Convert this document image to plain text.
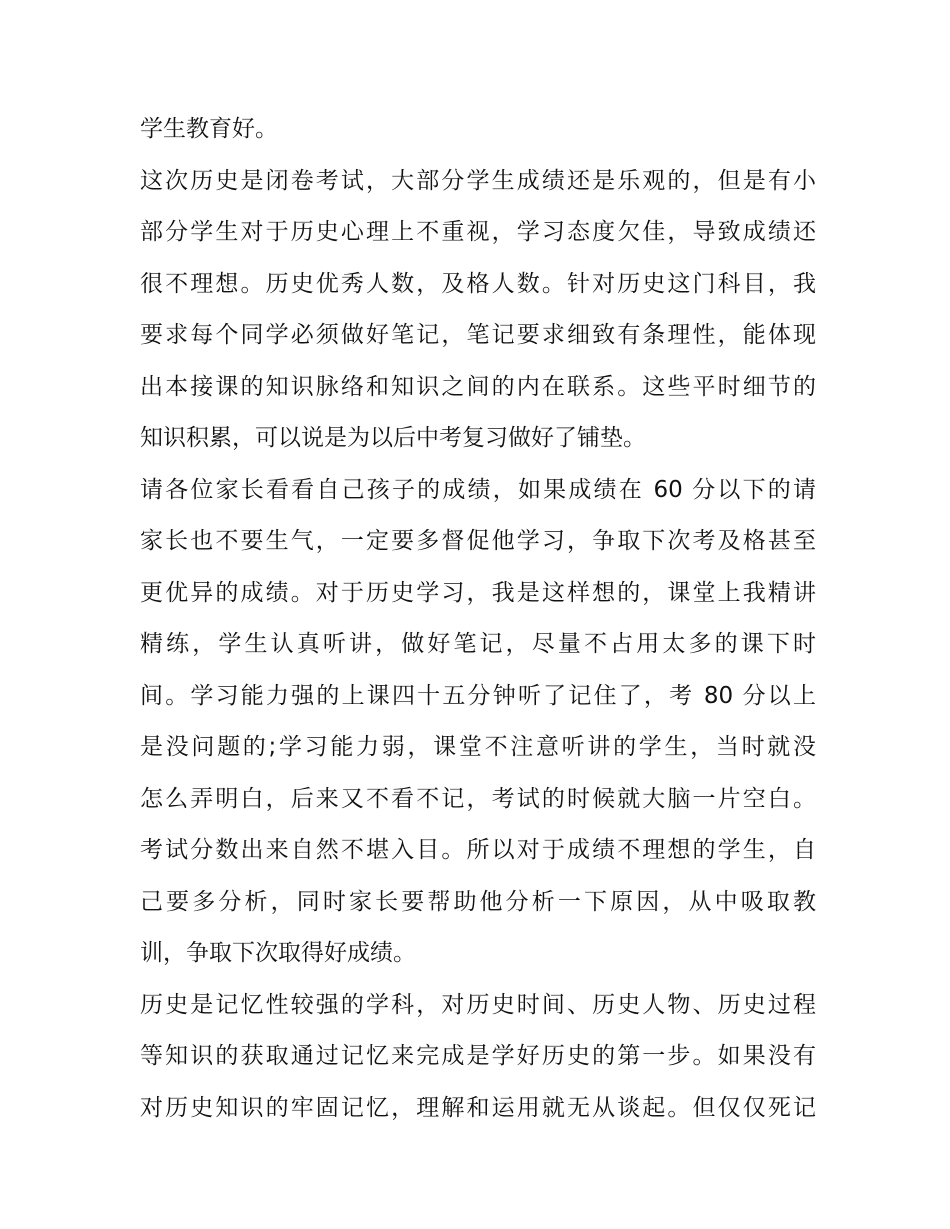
学生教育好。
这次历史是闭卷考试，大部分学生成绩还是乐观的，但是有小
部分学生对于历史心理上不重视，学习态度欠佳，导致成绩还
很不理想。历史优秀人数，及格人数。针对历史这门科目，我
要求每个同学必须做好笔记，笔记要求细致有条理性，能体现
出本接课的知识脉络和知识之间的内在联系。这些平时细节的
知识积累，可以说是为以后中考复习做好了铺垫。
请各位家长看看自己孩子的成绩，如果成绩在 60 分以下的请
家长也不要生气，一定要多督促他学习，争取下次考及格甚至
更优异的成绩。对于历史学习，我是这样想的，课堂上我精讲
精练，学生认真听讲，做好笔记，尽量不占用太多的课下时
间。学习能力强的上课四十五分钟听了记住了，考 80 分以上
是没问题的;学习能力弱，课堂不注意听讲的学生，当时就没
怎么弄明白，后来又不看不记，考试的时候就大脑一片空白。
考试分数出来自然不堪入目。所以对于成绩不理想的学生，自
己要多分析，同时家长要帮助他分析一下原因，从中吸取教
训，争取下次取得好成绩。
历史是记忆性较强的学科，对历史时间、历史人物、历史过程
等知识的获取通过记忆来完成是学好历史的第一步。如果没有
对历史知识的牢固记忆，理解和运用就无从谈起。但仅仅死记
